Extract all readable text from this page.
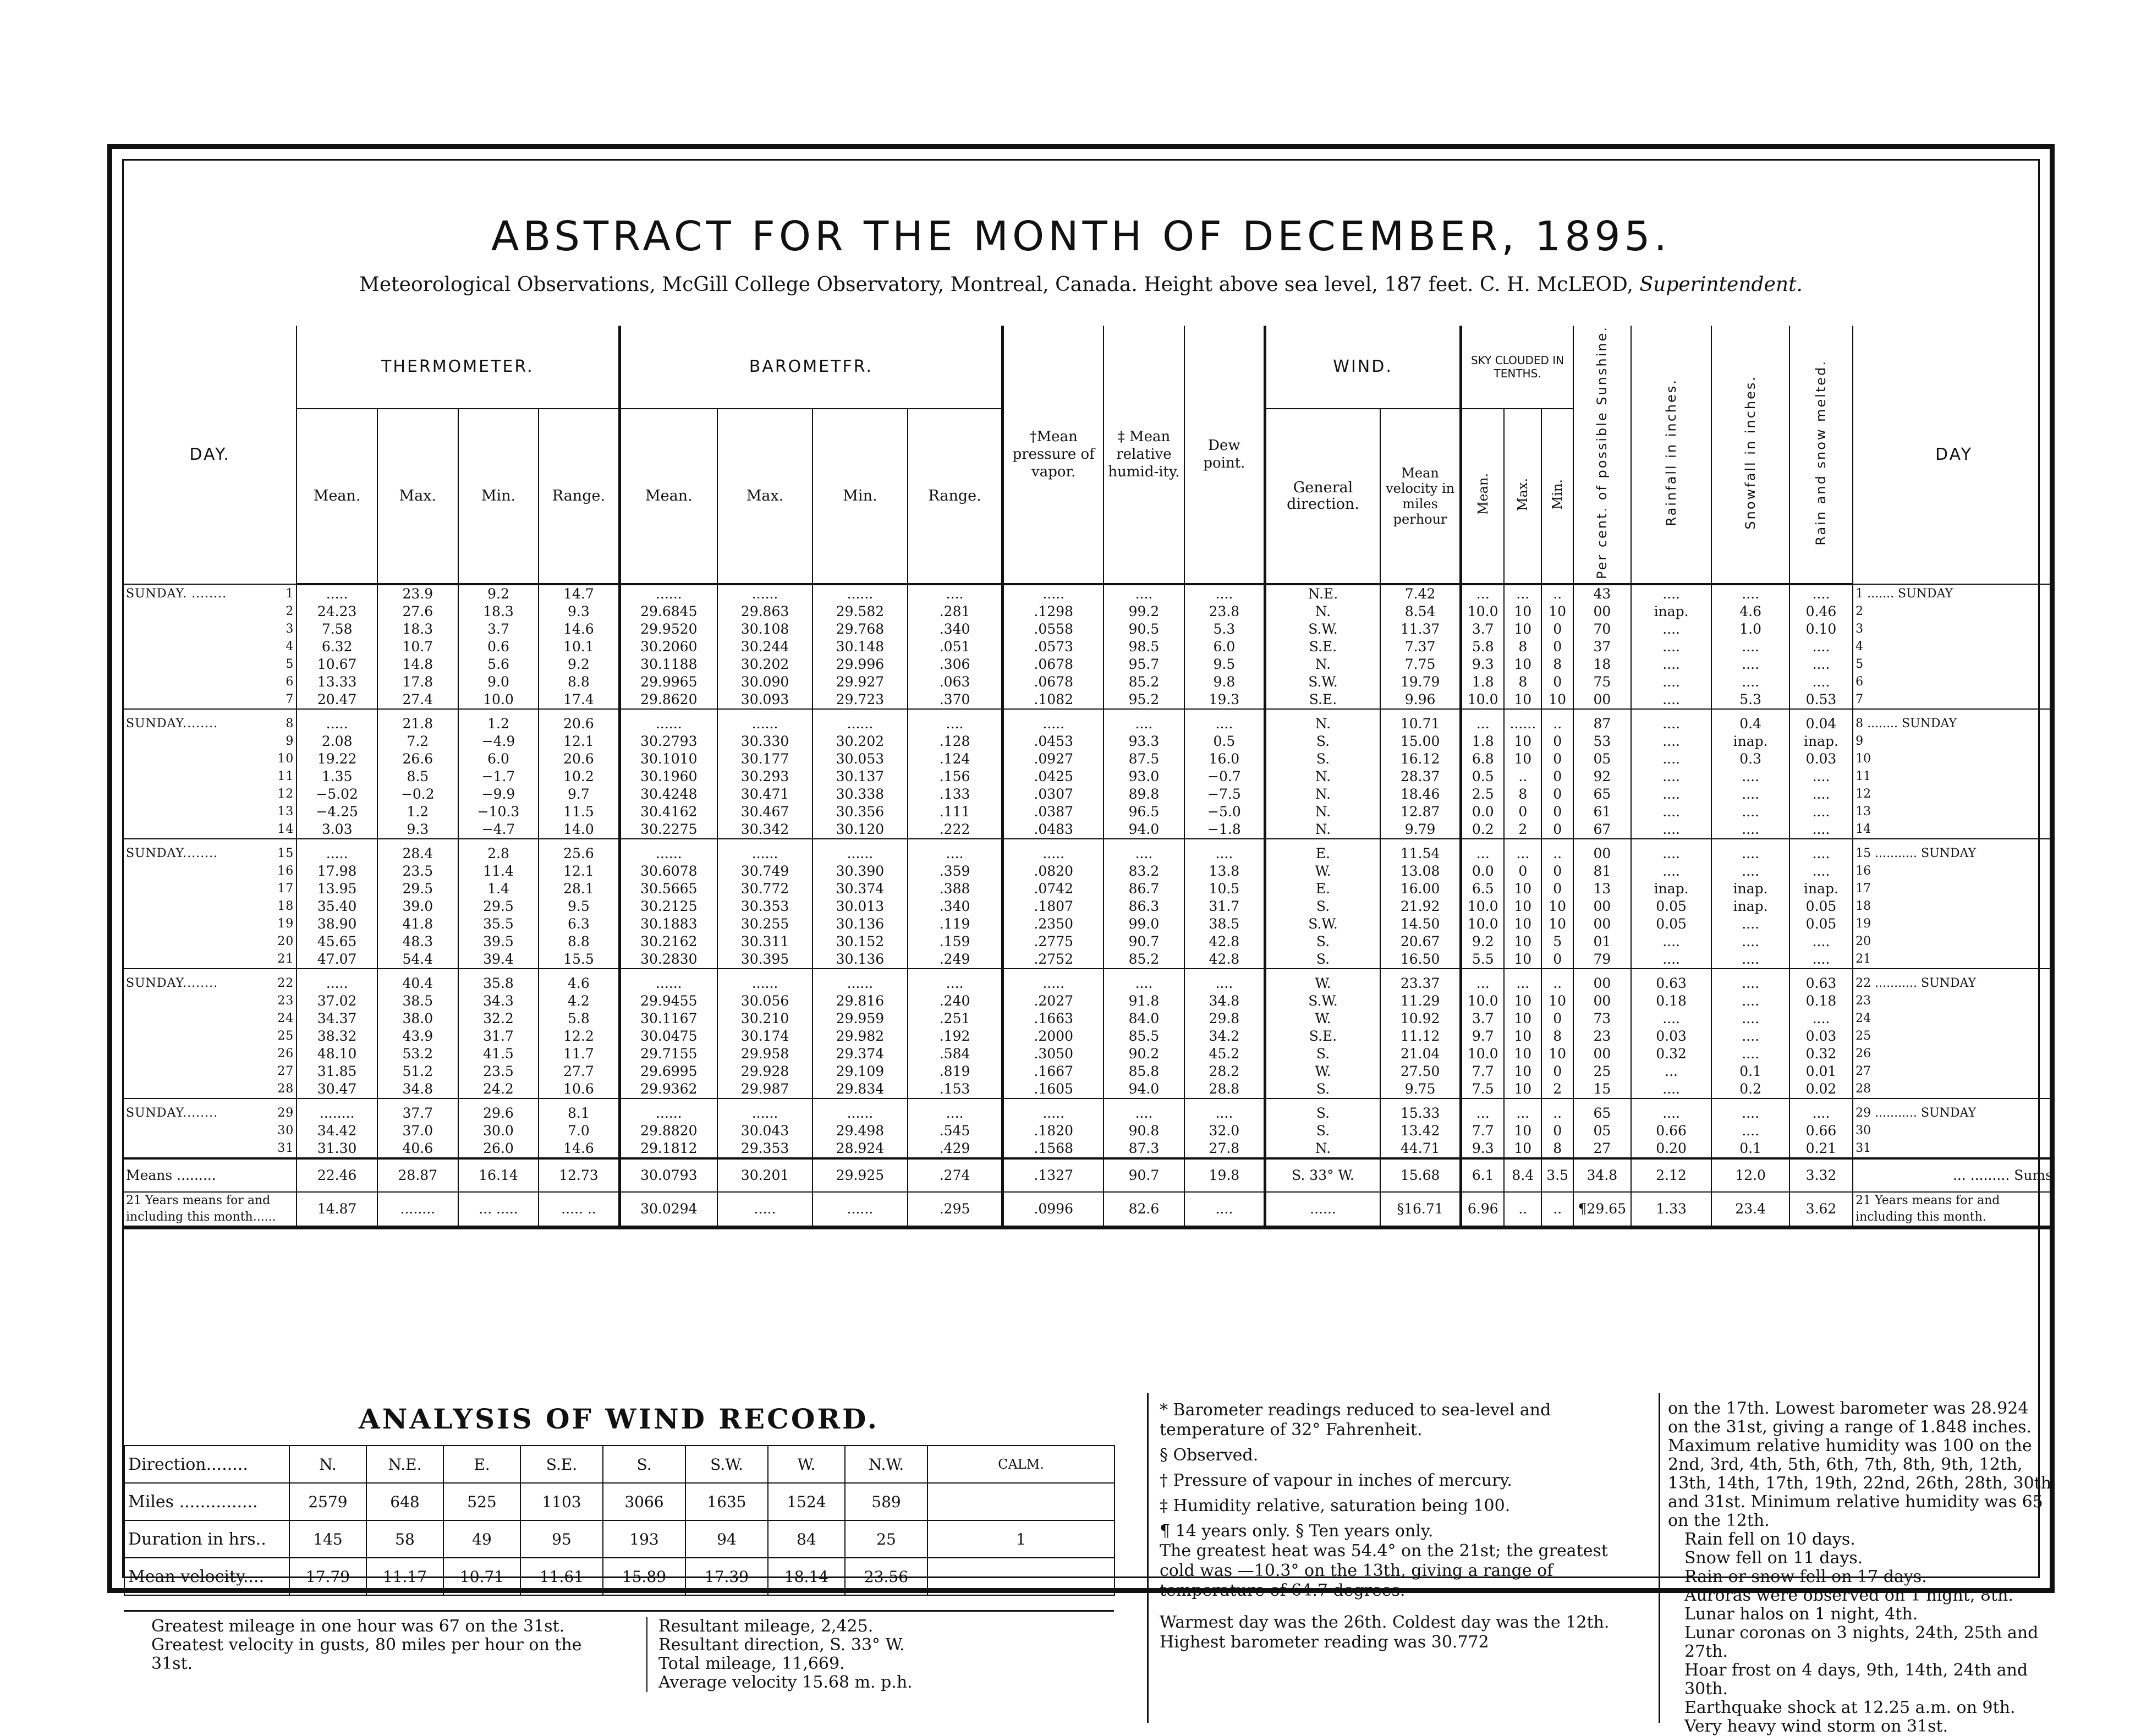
ABSTRACT FOR THE MONTH OF DECEMBER, 1895.
Meteorological Observations, McGill College Observatory, Montreal, Canada. Height above sea level, 187 feet. C. H. McLEOD, Superintendent.
DAY.	THERMOMETER.				BAROMETFR.				†Mean pressure of vapor.	‡ Mean relative humid-ity.	Dew point.	WIND.		SKY CLOUDED IN TENTHS.			Per cent. of possible Sunshine.	Rainfall in inches.	Snowfall in inches.	Rain and snow melted.	DAY
	Mean.	Max.	Min.	Range.	Mean.	Max.	Min.	Range.				General direction.	Mean velocity in miles perhour	Mean.	Max.	Min.					
SUNDAY. ........ 1	.....	23.9	9.2	14.7	......	......	......	....	.....	....	....	N.E.	7.42	...	...	..	43	....	....	....	1 ....... SUNDAY

2	24.23	27.6	18.3	9.3	29.6845	29.863	29.582	.281	.1298	99.2	23.8	N.	8.54	10.0	10	10	00	inap.	4.6	0.46	2

3	7.58	18.3	3.7	14.6	29.9520	30.108	29.768	.340	.0558	90.5	5.3	S.W.	11.37	3.7	10	0	70	....	1.0	0.10	3

4	6.32	10.7	0.6	10.1	30.2060	30.244	30.148	.051	.0573	98.5	6.0	S.E.	7.37	5.8	8	0	37	....	....	....	4

5	10.67	14.8	5.6	9.2	30.1188	30.202	29.996	.306	.0678	95.7	9.5	N.	7.75	9.3	10	8	18	....	....	....	5

6	13.33	17.8	9.0	8.8	29.9965	30.090	29.927	.063	.0678	85.2	9.8	S.W.	19.79	1.8	8	0	75	....	....	....	6

7	20.47	27.4	10.0	17.4	29.8620	30.093	29.723	.370	.1082	95.2	19.3	S.E.	9.96	10.0	10	10	00	....	5.3	0.53	7

SUNDAY........ 8	.....	21.8	1.2	20.6	......	......	......	....	.....	....	....	N.	10.71	...	......	..	87	....	0.4	0.04	8 ........ SUNDAY

9	2.08	7.2	−4.9	12.1	30.2793	30.330	30.202	.128	.0453	93.3	0.5	S.	15.00	1.8	10	0	53	....	inap.	inap.	9

10	19.22	26.6	6.0	20.6	30.1010	30.177	30.053	.124	.0927	87.5	16.0	S.	16.12	6.8	10	0	05	....	0.3	0.03	10

11	1.35	8.5	−1.7	10.2	30.1960	30.293	30.137	.156	.0425	93.0	−0.7	N.	28.37	0.5	..	0	92	....	....	....	11

12	−5.02	−0.2	−9.9	9.7	30.4248	30.471	30.338	.133	.0307	89.8	−7.5	N.	18.46	2.5	8	0	65	....	....	....	12

13	−4.25	1.2	−10.3	11.5	30.4162	30.467	30.356	.111	.0387	96.5	−5.0	N.	12.87	0.0	0	0	61	....	....	....	13

14	3.03	9.3	−4.7	14.0	30.2275	30.342	30.120	.222	.0483	94.0	−1.8	N.	9.79	0.2	2	0	67	....	....	....	14

SUNDAY........ 15	.....	28.4	2.8	25.6	......	......	......	....	.....	....	....	E.	11.54	...	...	..	00	....	....	....	15 ........... SUNDAY

16	17.98	23.5	11.4	12.1	30.6078	30.749	30.390	.359	.0820	83.2	13.8	W.	13.08	0.0	0	0	81	....	....	....	16

17	13.95	29.5	1.4	28.1	30.5665	30.772	30.374	.388	.0742	86.7	10.5	E.	16.00	6.5	10	0	13	inap.	inap.	inap.	17

18	35.40	39.0	29.5	9.5	30.2125	30.353	30.013	.340	.1807	86.3	31.7	S.	21.92	10.0	10	10	00	0.05	inap.	0.05	18

19	38.90	41.8	35.5	6.3	30.1883	30.255	30.136	.119	.2350	99.0	38.5	S.W.	14.50	10.0	10	10	00	0.05	....	0.05	19

20	45.65	48.3	39.5	8.8	30.2162	30.311	30.152	.159	.2775	90.7	42.8	S.	20.67	9.2	10	5	01	....	....	....	20

21	47.07	54.4	39.4	15.5	30.2830	30.395	30.136	.249	.2752	85.2	42.8	S.	16.50	5.5	10	0	79	....	....	....	21

SUNDAY........ 22	.....	40.4	35.8	4.6	......	......	......	....	.....	....	....	W.	23.37	...	...	..	00	0.63	....	0.63	22 ........... SUNDAY

23	37.02	38.5	34.3	4.2	29.9455	30.056	29.816	.240	.2027	91.8	34.8	S.W.	11.29	10.0	10	10	00	0.18	....	0.18	23

24	34.37	38.0	32.2	5.8	30.1167	30.210	29.959	.251	.1663	84.0	29.8	W.	10.92	3.7	10	0	73	....	....	....	24

25	38.32	43.9	31.7	12.2	30.0475	30.174	29.982	.192	.2000	85.5	34.2	S.E.	11.12	9.7	10	8	23	0.03	....	0.03	25

26	48.10	53.2	41.5	11.7	29.7155	29.958	29.374	.584	.3050	90.2	45.2	S.	21.04	10.0	10	10	00	0.32	....	0.32	26

27	31.85	51.2	23.5	27.7	29.6995	29.928	29.109	.819	.1667	85.8	28.2	W.	27.50	7.7	10	0	25	...	0.1	0.01	27

28	30.47	34.8	24.2	10.6	29.9362	29.987	29.834	.153	.1605	94.0	28.8	S.	9.75	7.5	10	2	15	....	0.2	0.02	28

SUNDAY........ 29	........	37.7	29.6	8.1	......	......	......	....	.....	....	....	S.	15.33	...	...	..	65	....	....	....	29 ........... SUNDAY

30	34.42	37.0	30.0	7.0	29.8820	30.043	29.498	.545	.1820	90.8	32.0	S.	13.42	7.7	10	0	05	0.66	....	0.66	30

31	31.30	40.6	26.0	14.6	29.1812	29.353	28.924	.429	.1568	87.3	27.8	N.	44.71	9.3	10	8	27	0.20	0.1	0.21	31
Means .........	22.46	28.87	16.14	12.73	30.0793	30.201	29.925	.274	.1327	90.7	19.8	S. 33° W.	15.68	6.1	8.4	3.5	34.8	2.12	12.0	3.32	... ......... Sums
21 Years means for and including this month......	14.87	........	... .....	..... ..	30.0294	.....	......	.295	.0996	82.6	....	......	§16.71	6.96	..	..	¶29.65	1.33	23.4	3.62	21 Years means for and including this month.
ANALYSIS OF WIND RECORD.
Direction........	N.	N.E.	E.	S.E.	S.	S.W.	W.	N.W.	CALM.
Miles ...............	2579	648	525	1103	3066	1635	1524	589	
Duration in hrs..	145	58	49	95	193	94	84	25	1
Mean velocity....	17.79	11.17	10.71	11.61	15.89	17.39	18.14	23.56	
Greatest mileage in one hour was 67 on the 31st.
Greatest velocity in gusts, 80 miles per hour on the 31st.
Resultant mileage, 2,425.
Resultant direction, S. 33° W.
Total mileage, 11,669.
Average velocity 15.68 m. p.h.
* Barometer readings reduced to sea-level and temperature of 32° Fahrenheit.
§ Observed.
† Pressure of vapour in inches of mercury.
‡ Humidity relative, saturation being 100.
¶ 14 years only. § Ten years only.
The greatest heat was 54.4° on the 21st; the greatest cold was —10.3° on the 13th, giving a range of temperature of 64.7 degrees.
Warmest day was the 26th. Coldest day was the 12th. Highest barometer reading was 30.772
on the 17th. Lowest barometer was 28.924 on the 31st, giving a range of 1.848 inches. Maximum relative humidity was 100 on the 2nd, 3rd, 4th, 5th, 6th, 7th, 8th, 9th, 12th, 13th, 14th, 17th, 19th, 22nd, 26th, 28th, 30th and 31st. Minimum relative humidity was 65 on the 12th.
Rain fell on 10 days.
Snow fell on 11 days.
Rain or snow fell on 17 days.
Auroras were observed on 1 night, 8th.
Lunar halos on 1 night, 4th.
Lunar coronas on 3 nights, 24th, 25th and 27th.
Hoar frost on 4 days, 9th, 14th, 24th and 30th.
Earthquake shock at 12.25 a.m. on 9th.
Very heavy wind storm on 31st.
